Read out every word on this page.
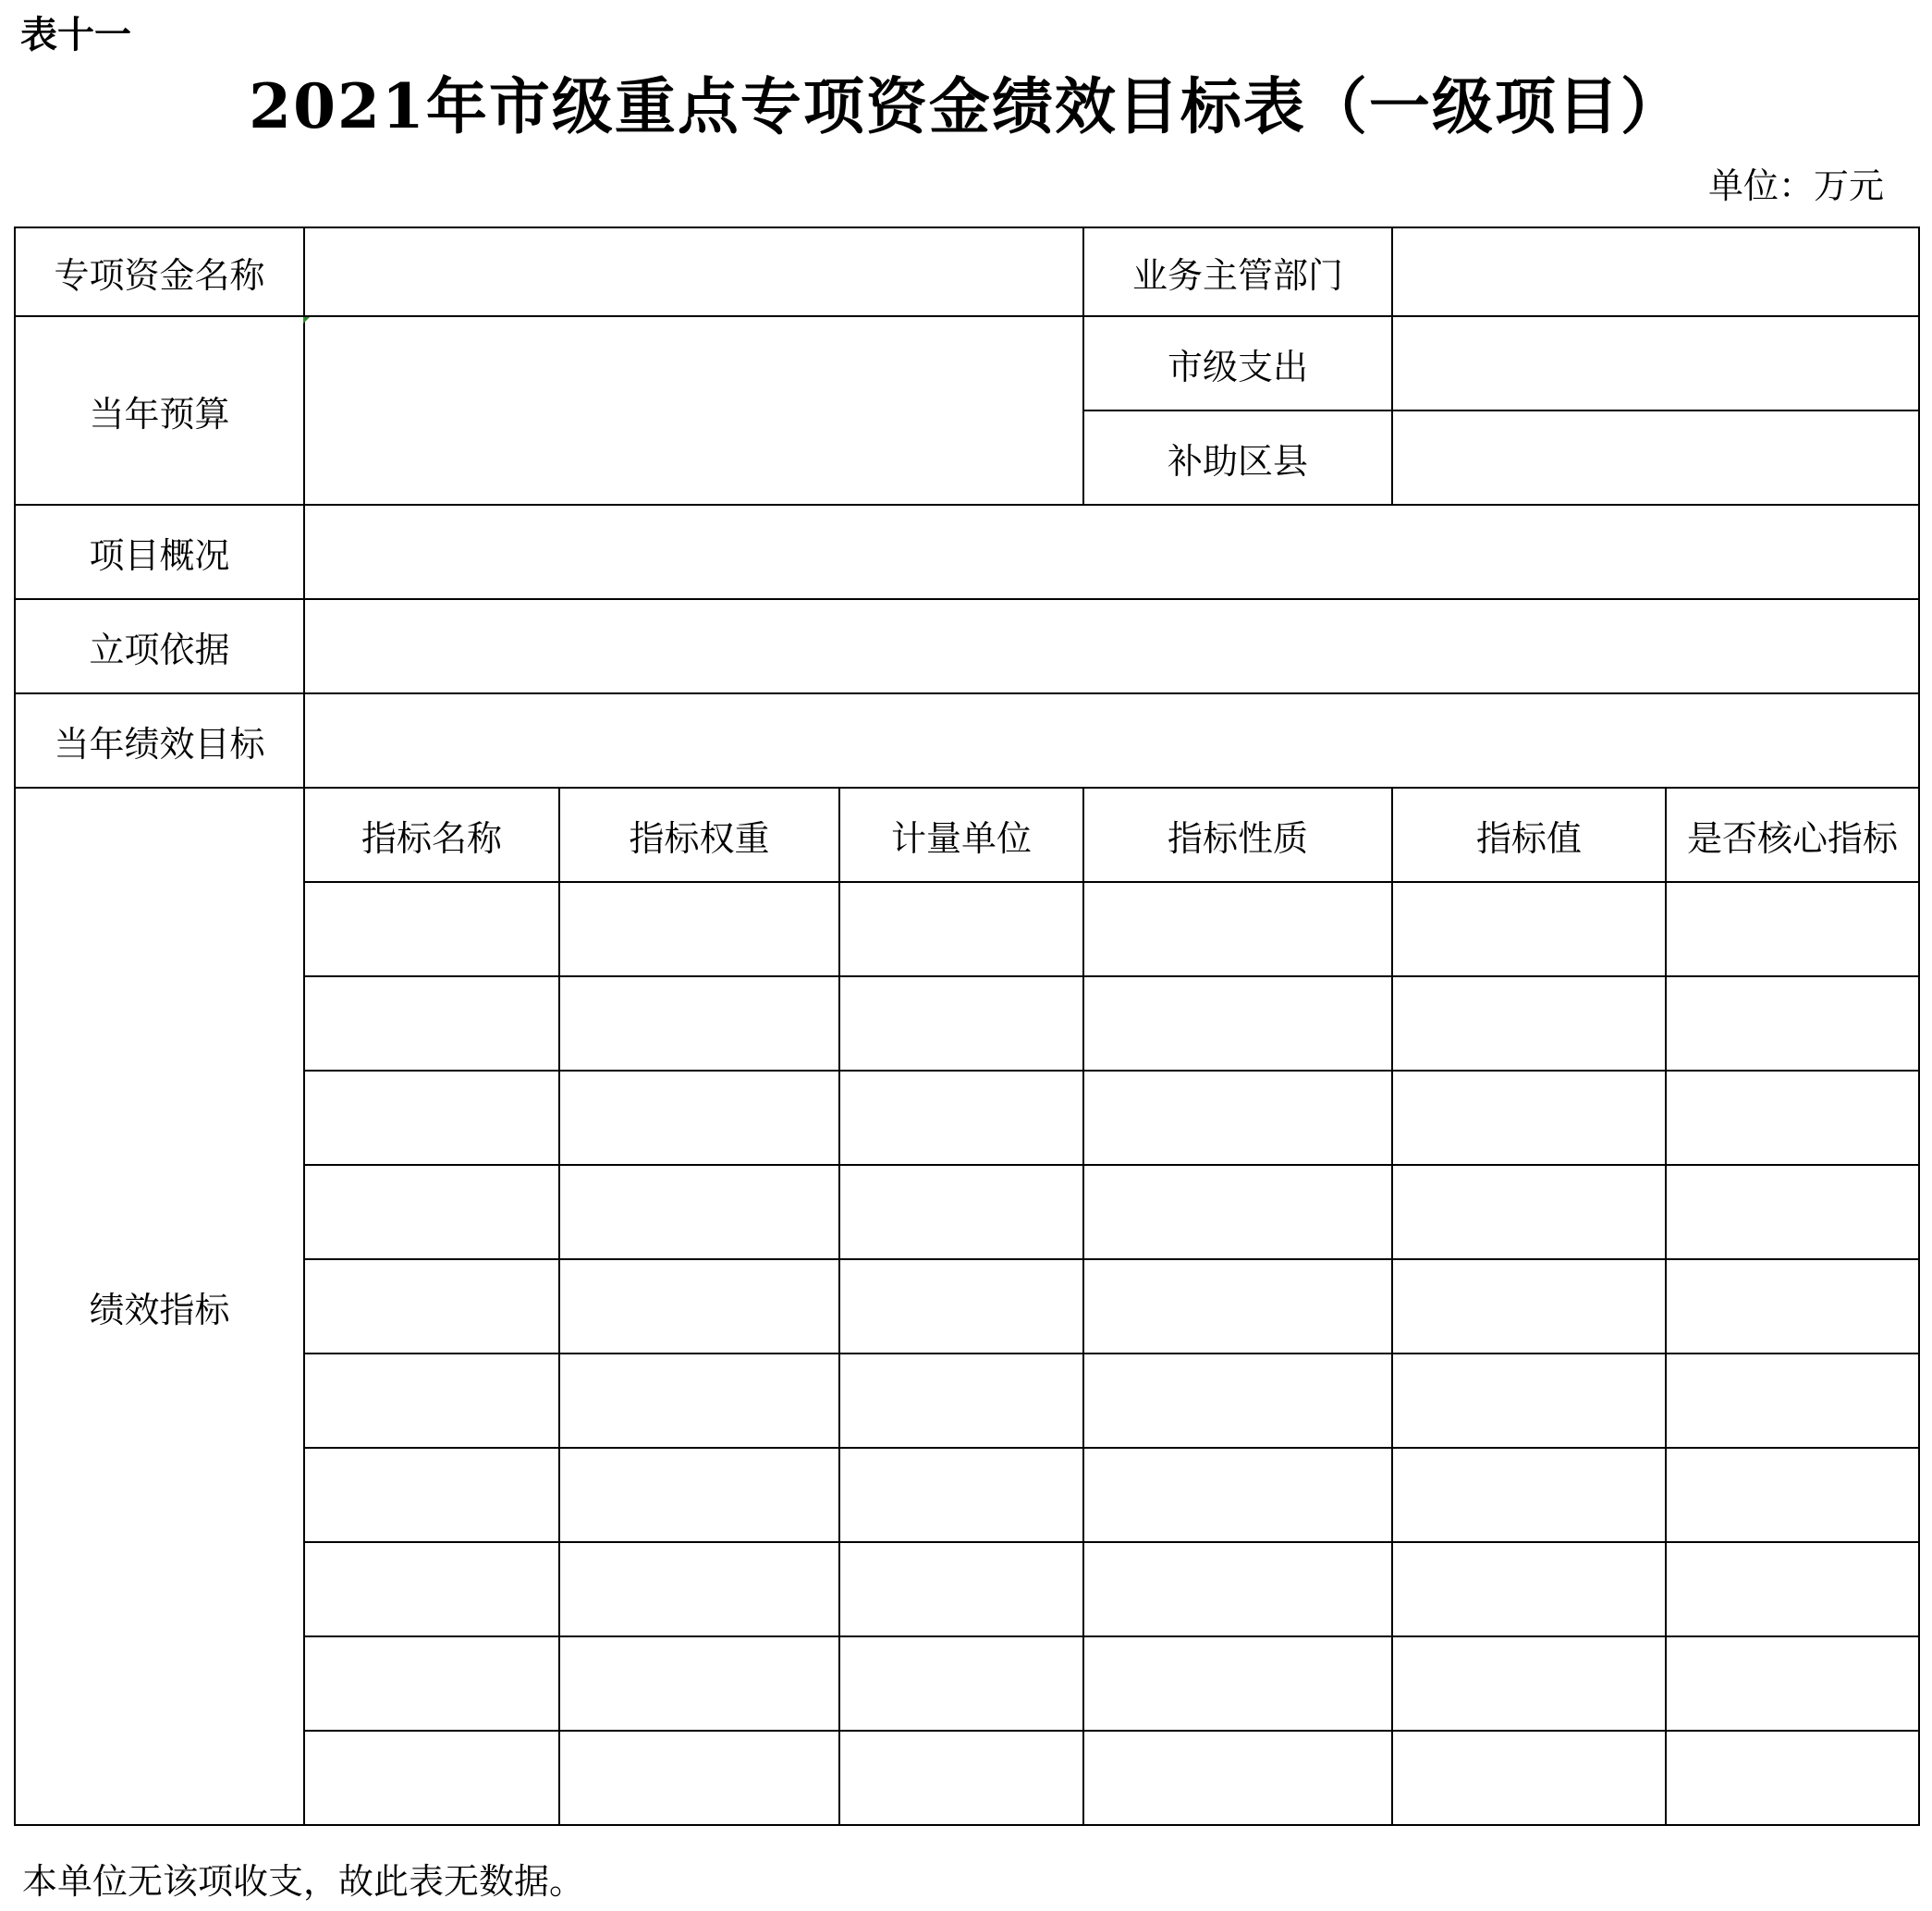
表十一
2021年市级重点专项资金绩效目标表（一级项目）
单位：万元
专项资金名称				业务主管部门		
当年预算				市级支出		
				补助区县		
项目概况						
立项依据						
当年绩效目标						
绩效指标	指标名称	指标权重	计量单位	指标性质	指标值	是否核心指标

本单位无该项收支，故此表无数据。
